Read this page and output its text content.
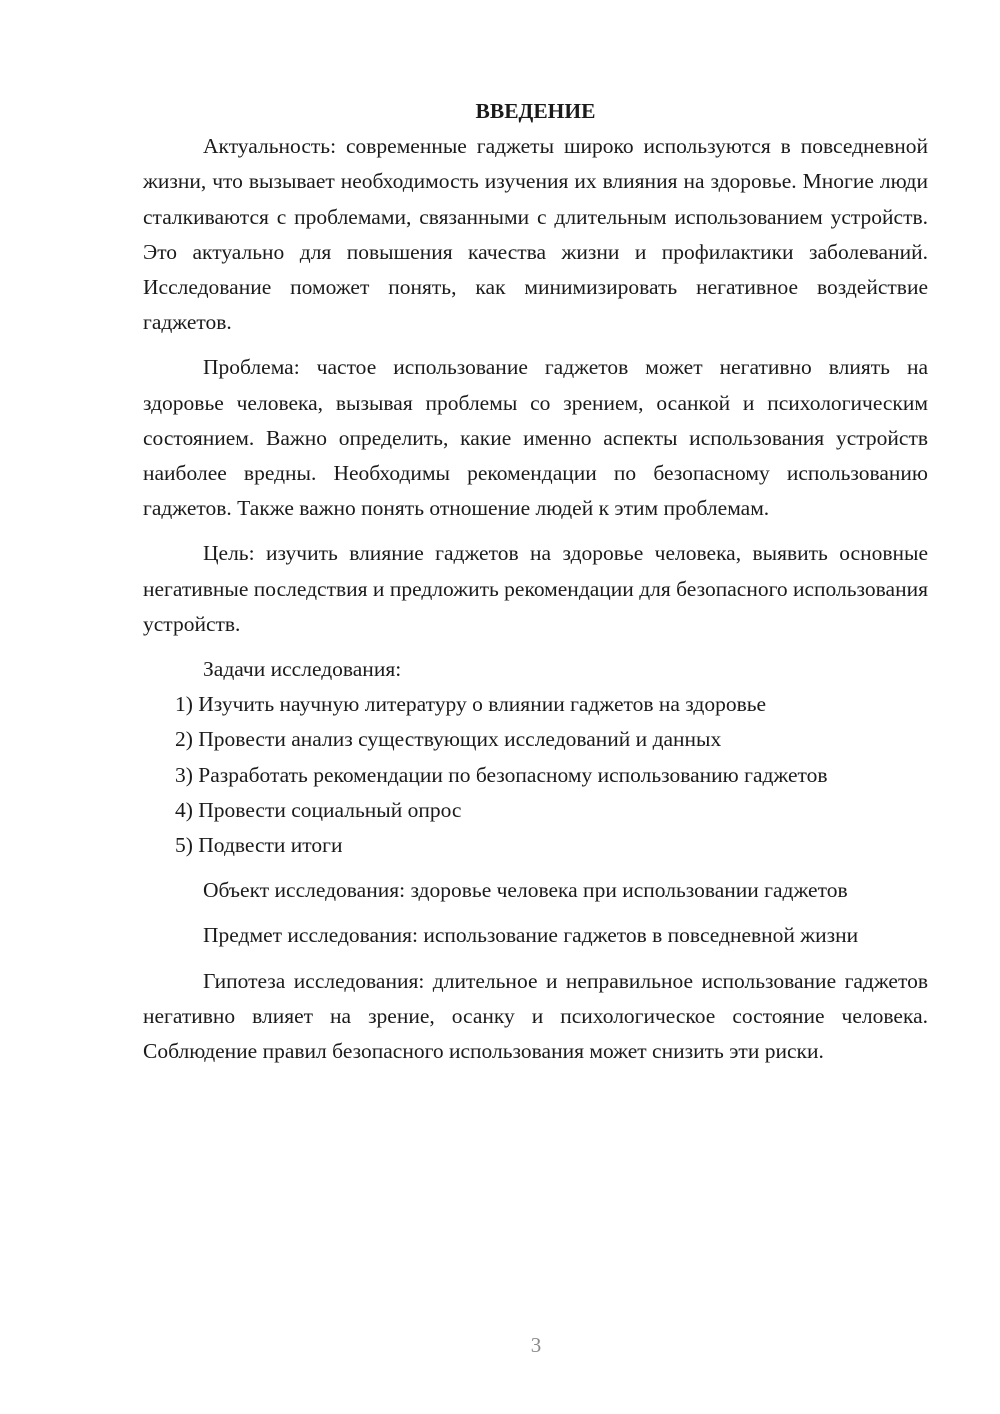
ВВЕДЕНИЕ

Актуальность: современные гаджеты широко используются в повседневной жизни, что вызывает необходимость изучения их влияния на здоровье. Многие люди сталкиваются с проблемами, связанными с длительным использованием устройств. Это актуально для повышения качества жизни и профилактики заболеваний. Исследование поможет понять, как минимизировать негативное воздействие гаджетов.

Проблема: частое использование гаджетов может негативно влиять на здоровье человека, вызывая проблемы со зрением, осанкой и психологическим состоянием. Важно определить, какие именно аспекты использования устройств наиболее вредны. Необходимы рекомендации по безопасному использованию гаджетов. Также важно понять отношение людей к этим проблемам.

Цель: изучить влияние гаджетов на здоровье человека, выявить основные негативные последствия и предложить рекомендации для безопасного использования устройств.

Задачи исследования:

1) Изучить научную литературу о влиянии гаджетов на здоровье

2) Провести анализ существующих исследований и данных

3) Разработать рекомендации по безопасному использованию гаджетов

4) Провести социальный опрос

5) Подвести итоги

Объект исследования: здоровье человека при использовании гаджетов

Предмет исследования: использование гаджетов в повседневной жизни

Гипотеза исследования: длительное и неправильное использование гаджетов негативно влияет на зрение, осанку и психологическое состояние человека. Соблюдение правил безопасного использования может снизить эти риски.

3
